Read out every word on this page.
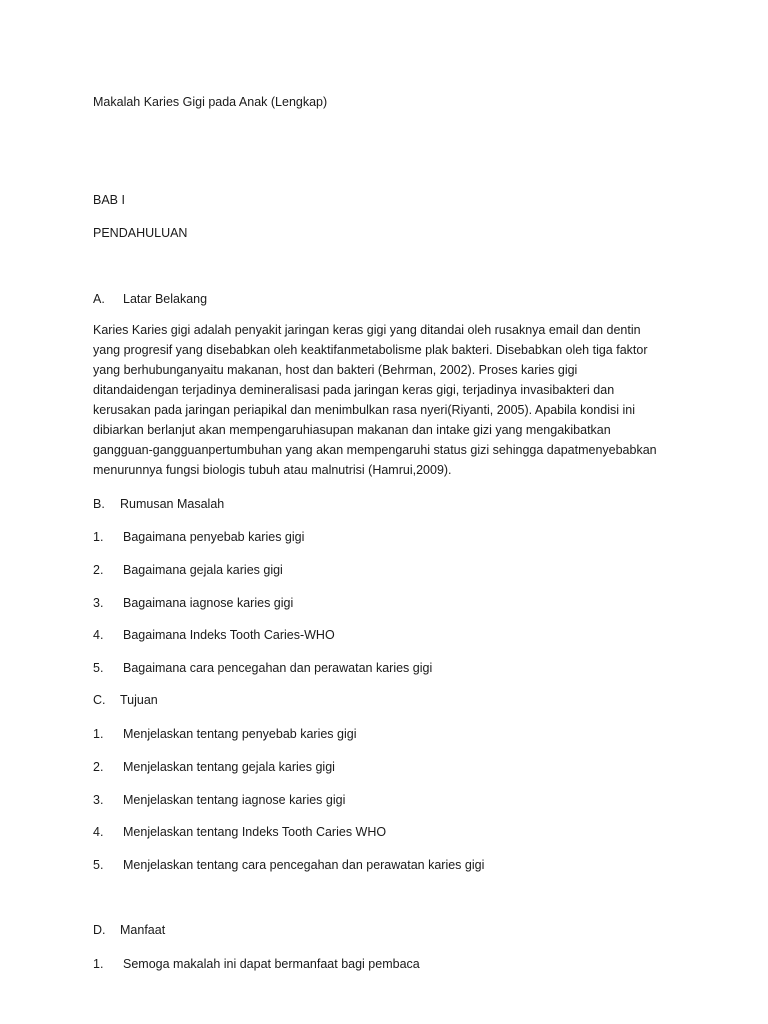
Makalah Karies Gigi pada Anak (Lengkap)
BAB I
PENDAHULUAN
A. Latar Belakang
Karies Karies gigi adalah penyakit jaringan keras gigi yang ditandai oleh rusaknya email dan dentin
yang progresif yang disebabkan oleh keaktifanmetabolisme plak bakteri. Disebabkan oleh tiga faktor
yang berhubunganyaitu makanan, host dan bakteri (Behrman, 2002). Proses karies gigi
ditandaidengan terjadinya demineralisasi pada jaringan keras gigi, terjadinya invasibakteri dan
kerusakan pada jaringan periapikal dan menimbulkan rasa nyeri(Riyanti, 2005). Apabila kondisi ini
dibiarkan berlanjut akan mempengaruhiasupan makanan dan intake gizi yang mengakibatkan
gangguan-gangguanpertumbuhan yang akan mempengaruhi status gizi sehingga dapatmenyebabkan
menurunnya fungsi biologis tubuh atau malnutrisi (Hamrui,2009).
B. Rumusan Masalah
1. Bagaimana penyebab karies gigi
2. Bagaimana gejala karies gigi
3. Bagaimana iagnose karies gigi
4. Bagaimana Indeks Tooth Caries-WHO
5. Bagaimana cara pencegahan dan perawatan karies gigi
C. Tujuan
1. Menjelaskan tentang penyebab karies gigi
2. Menjelaskan tentang gejala karies gigi
3. Menjelaskan tentang iagnose karies gigi
4. Menjelaskan tentang Indeks Tooth Caries WHO
5. Menjelaskan tentang cara pencegahan dan perawatan karies gigi
D. Manfaat
1. Semoga makalah ini dapat bermanfaat bagi pembaca
